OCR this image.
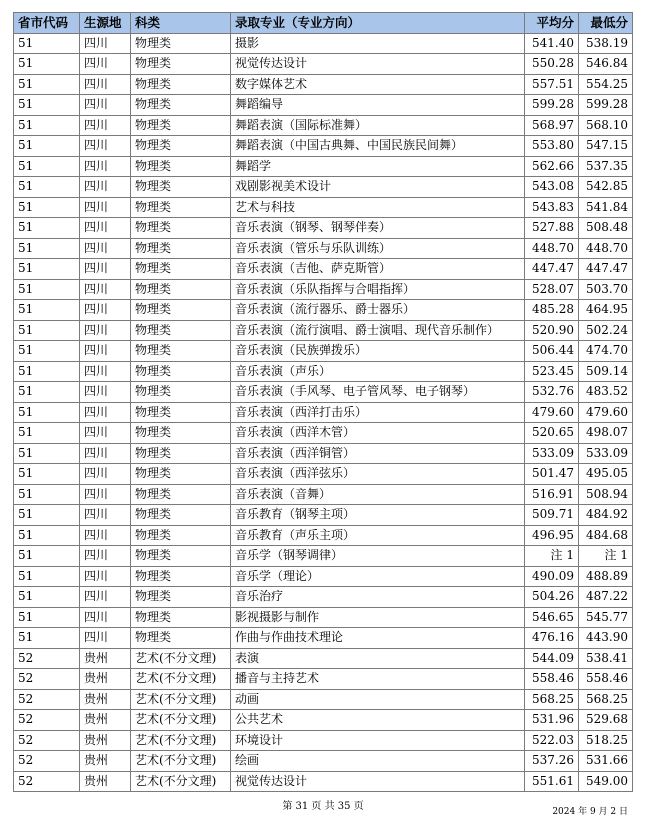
省市代码	生源地	科类	录取专业（专业方向）	平均分	最低分
51	四川	物理类	摄影	541.40	538.19
51	四川	物理类	视觉传达设计	550.28	546.84
51	四川	物理类	数字媒体艺术	557.51	554.25
51	四川	物理类	舞蹈编导	599.28	599.28
51	四川	物理类	舞蹈表演（国际标准舞）	568.97	568.10
51	四川	物理类	舞蹈表演（中国古典舞、中国民族民间舞）	553.80	547.15
51	四川	物理类	舞蹈学	562.66	537.35
51	四川	物理类	戏剧影视美术设计	543.08	542.85
51	四川	物理类	艺术与科技	543.83	541.84
51	四川	物理类	音乐表演（钢琴、钢琴伴奏）	527.88	508.48
51	四川	物理类	音乐表演（管乐与乐队训练）	448.70	448.70
51	四川	物理类	音乐表演（吉他、萨克斯管）	447.47	447.47
51	四川	物理类	音乐表演（乐队指挥与合唱指挥）	528.07	503.70
51	四川	物理类	音乐表演（流行器乐、爵士器乐）	485.28	464.95
51	四川	物理类	音乐表演（流行演唱、爵士演唱、现代音乐制作）	520.90	502.24
51	四川	物理类	音乐表演（民族弹拨乐）	506.44	474.70
51	四川	物理类	音乐表演（声乐）	523.45	509.14
51	四川	物理类	音乐表演（手风琴、电子管风琴、电子钢琴）	532.76	483.52
51	四川	物理类	音乐表演（西洋打击乐）	479.60	479.60
51	四川	物理类	音乐表演（西洋木管）	520.65	498.07
51	四川	物理类	音乐表演（西洋铜管）	533.09	533.09
51	四川	物理类	音乐表演（西洋弦乐）	501.47	495.05
51	四川	物理类	音乐表演（音舞）	516.91	508.94
51	四川	物理类	音乐教育（钢琴主项）	509.71	484.92
51	四川	物理类	音乐教育（声乐主项）	496.95	484.68
51	四川	物理类	音乐学（钢琴调律）	注 1	注 1
51	四川	物理类	音乐学（理论）	490.09	488.89
51	四川	物理类	音乐治疗	504.26	487.22
51	四川	物理类	影视摄影与制作	546.65	545.77
51	四川	物理类	作曲与作曲技术理论	476.16	443.90
52	贵州	艺术(不分文理)	表演	544.09	538.41
52	贵州	艺术(不分文理)	播音与主持艺术	558.46	558.46
52	贵州	艺术(不分文理)	动画	568.25	568.25
52	贵州	艺术(不分文理)	公共艺术	531.96	529.68
52	贵州	艺术(不分文理)	环境设计	522.03	518.25
52	贵州	艺术(不分文理)	绘画	537.26	531.66
52	贵州	艺术(不分文理)	视觉传达设计	551.61	549.00
第 31 页 共 35 页	2024 年 9 月 2 日
